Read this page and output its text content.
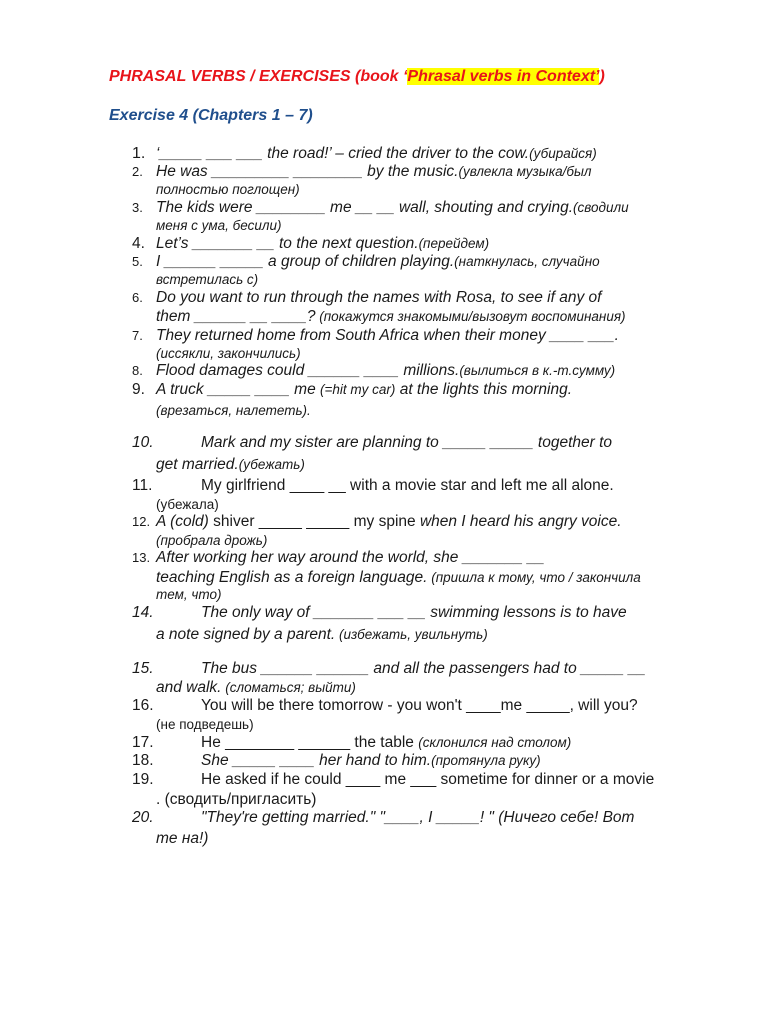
PHRASAL VERBS / EXERCISES (book ‘Phrasal verbs in Context’)
Exercise 4 (Chapters 1 – 7)
1. ‘_____ ___ ___ the road!’ – cried the driver to the cow.(убирайся)
2. He was _________ ________ by the music.(увлекла музыка/был
полностью поглощен)
3. The kids were ________ me __ __ wall, shouting and crying.(сводили
меня с ума, бесили)
4. Let’s _______ __ to the next question.(перейдем)
5. I ______ _____ a group of children playing.(наткнулась, случайно
встретилась с)
6. Do you want to run through the names with Rosa, to see if any of
them ______ __ ____? (покажутся знакомыми/вызовут воспоминания)
7. They returned home from South Africa when their money ____ ___.
(иссякли, закончились)
8. Flood damages could ______ ____ millions.(вылиться в к.-т.сумму)
9. A truck _____ ____ me (=hit my car) at the lights this morning.
(врезаться, налететь).
10.	Mark and my sister are planning to _____ _____ together to
get married.(убежать)
11.	My girlfriend ____ __ with a movie star and left me all alone.
(убежала)
12. A (cold) shiver _____ _____ my spine when I heard his angry voice.
(пробрала дрожь)
13. After working her way around the world, she _______ __
teaching English as a foreign language. (пришла к тому, что / закончила
тем, что)
14.	The only way of _______ ___ __ swimming lessons is to have
a note signed by a parent. (избежать, увильнуть)
15.	The bus ______ ______ and all the passengers had to _____ __
and walk. (сломаться; выйти)
16.	You will be there tomorrow - you won't ____me _____, will you?
(не подведешь)
17.	He ________ ______ the table (склонился над столом)
18.	She _____ ____ her hand to him.(протянула руку)
19.	He asked if he could ____ me ___ sometime for dinner or a movie
. (сводить/пригласить)
20.	"They're getting married." "____, I _____! " (Ничего себе! Вот
те на!)
